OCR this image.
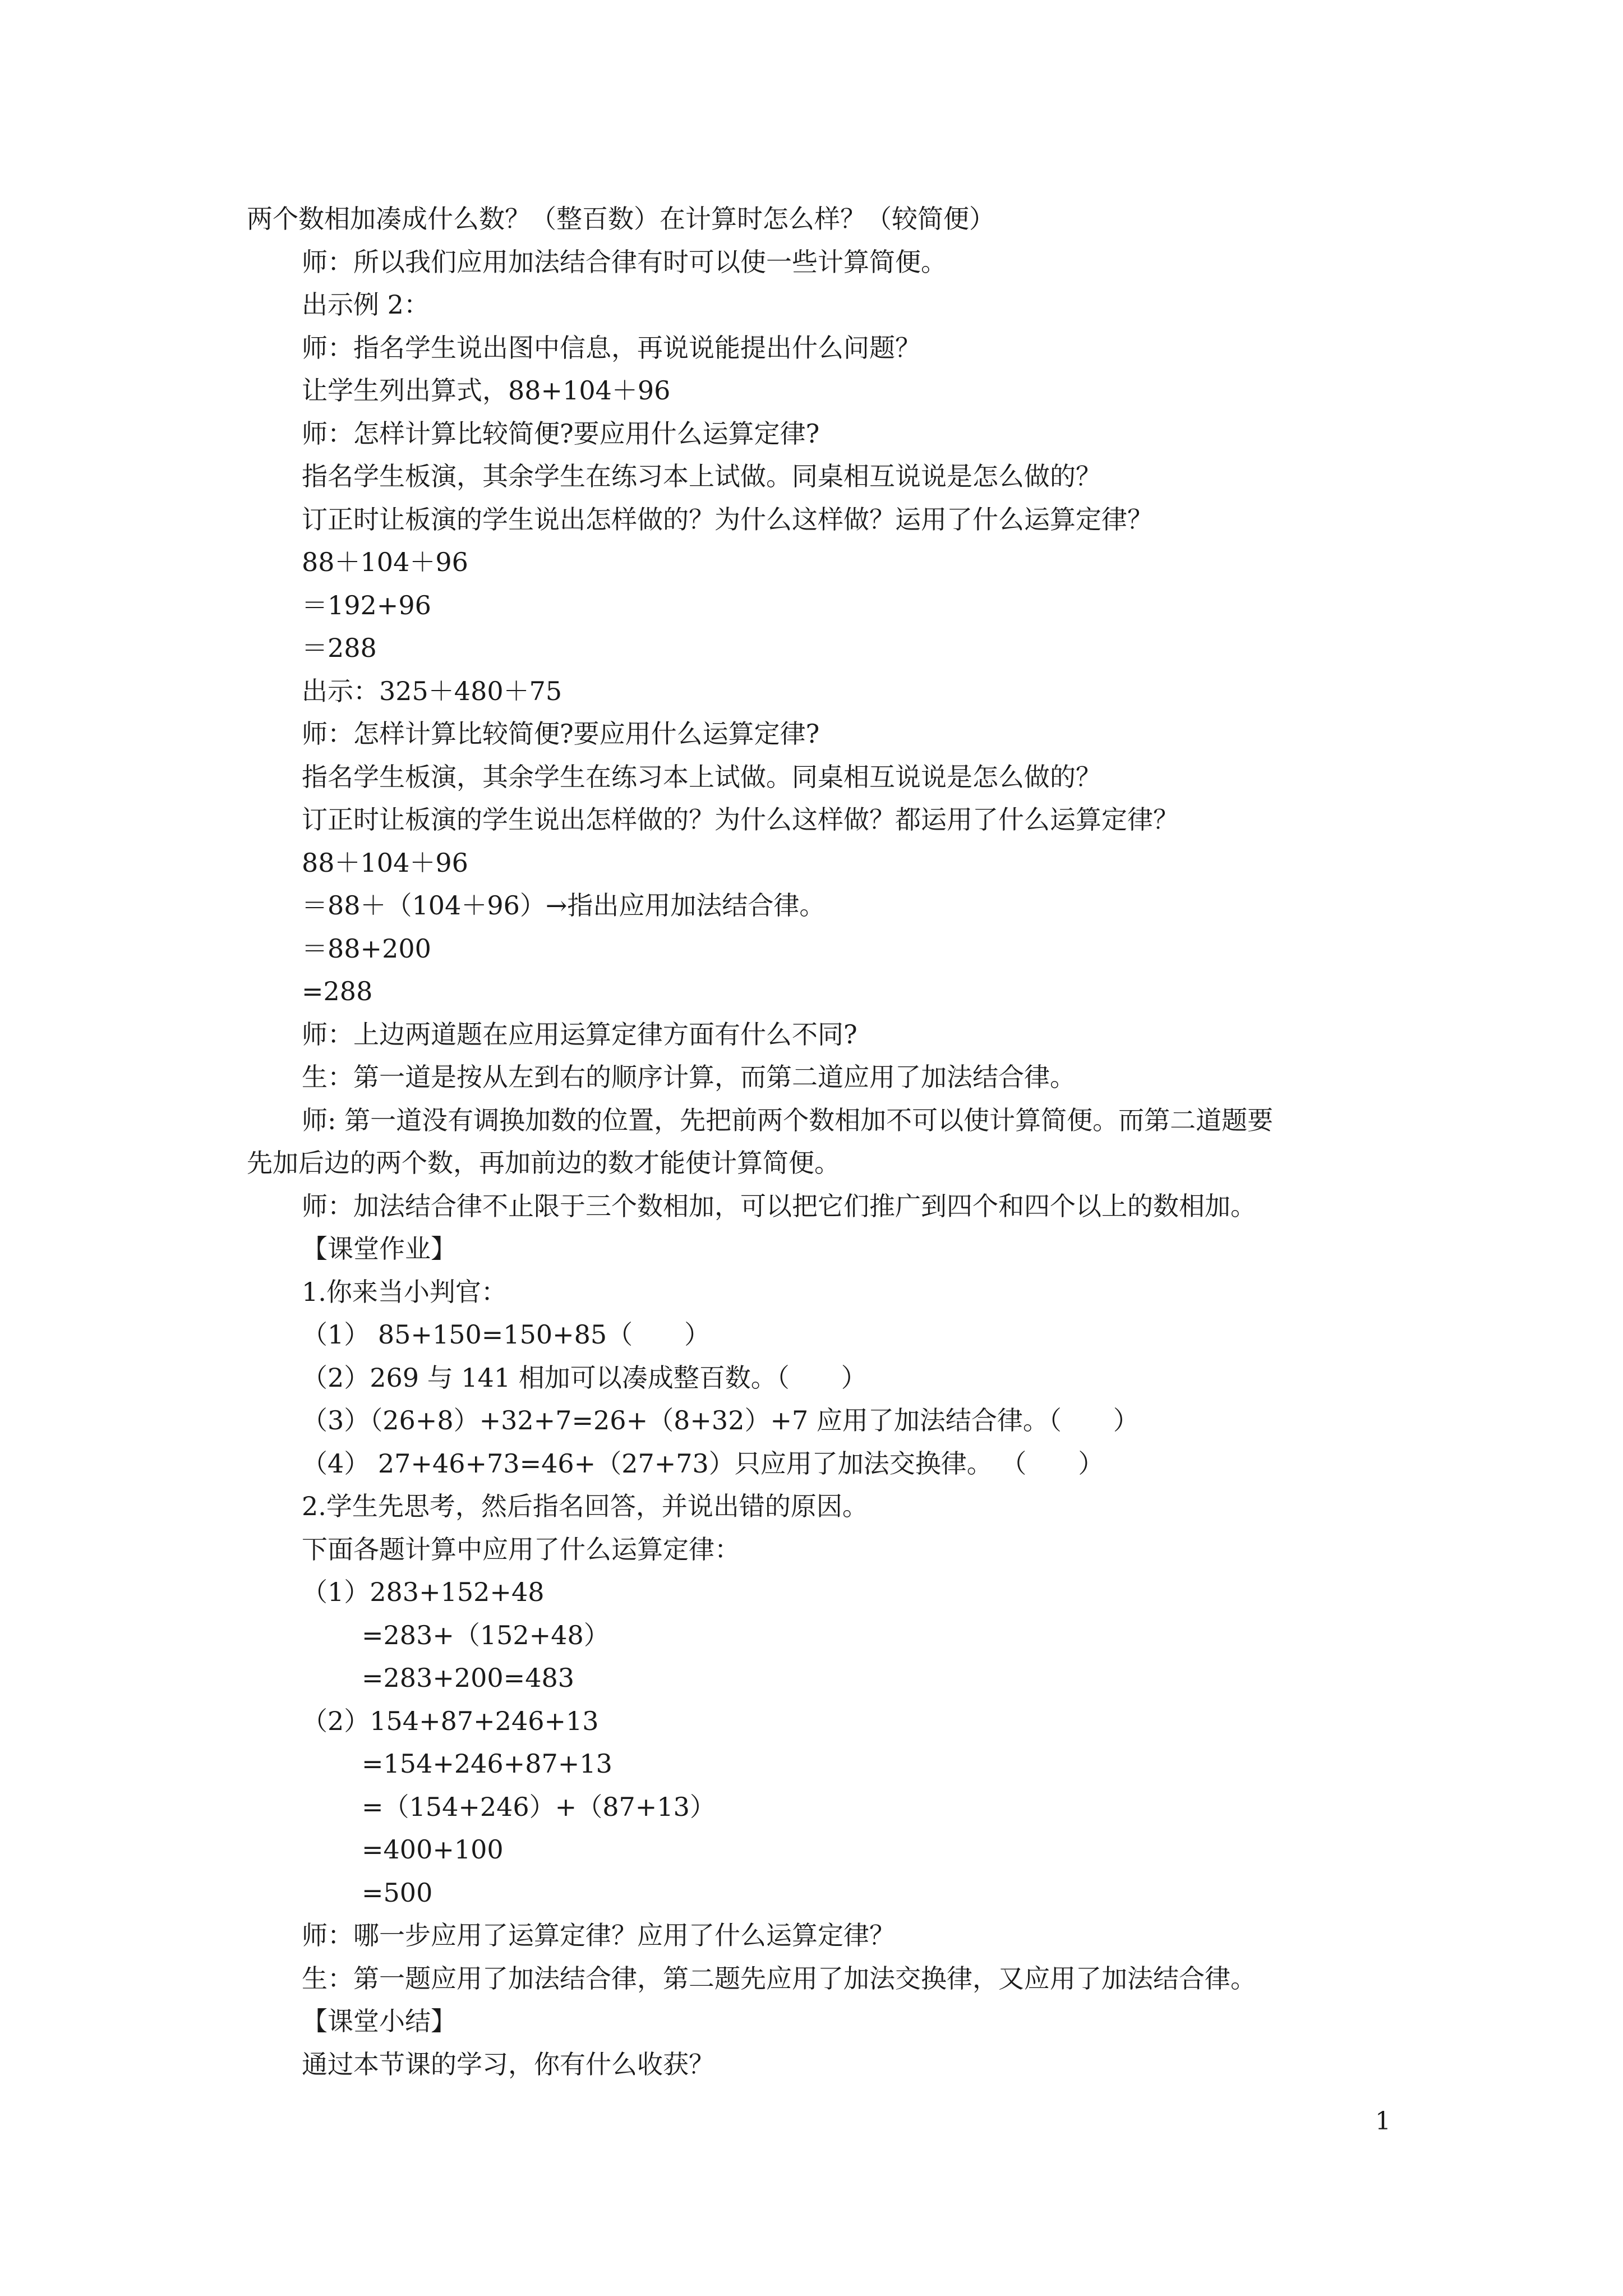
两个数相加凑成什么数？（整百数）在计算时怎么样？（较简便）
师：所以我们应用加法结合律有时可以使一些计算简便。
出示例 2：
师：指名学生说出图中信息，再说说能提出什么问题？
让学生列出算式，88+104＋96
师：怎样计算比较简便?要应用什么运算定律?
指名学生板演，其余学生在练习本上试做。同桌相互说说是怎么做的？
订正时让板演的学生说出怎样做的？为什么这样做？运用了什么运算定律？
88＋104＋96
＝192+96
＝288
出示：325＋480＋75
师：怎样计算比较简便?要应用什么运算定律?
指名学生板演，其余学生在练习本上试做。同桌相互说说是怎么做的？
订正时让板演的学生说出怎样做的？为什么这样做？都运用了什么运算定律？
88＋104＋96
＝88＋（104＋96）→指出应用加法结合律。
＝88+200
=288
师：上边两道题在应用运算定律方面有什么不同?
生：第一道是按从左到右的顺序计算，而第二道应用了加法结合律。
师: 第一道没有调换加数的位置，先把前两个数相加不可以使计算简便。而第二道题要
先加后边的两个数，再加前边的数才能使计算简便。
师：加法结合律不止限于三个数相加，可以把它们推广到四个和四个以上的数相加。
【课堂作业】
1.你来当小判官：
（1） 85+150=150+85（　　）
（2）269 与 141 相加可以凑成整百数。（　　）
（3）（26+8）+32+7=26+（8+32）+7 应用了加法结合律。（　　）
（4） 27+46+73=46+（27+73）只应用了加法交换律。 （　　）
2.学生先思考，然后指名回答，并说出错的原因。
下面各题计算中应用了什么运算定律：
（1）283+152+48
=283+（152+48）
=283+200=483
（2）154+87+246+13
=154+246+87+13
=（154+246）+（87+13）
=400+100
=500
师：哪一步应用了运算定律？应用了什么运算定律？
生：第一题应用了加法结合律，第二题先应用了加法交换律，又应用了加法结合律。
【课堂小结】
通过本节课的学习，你有什么收获？
1
